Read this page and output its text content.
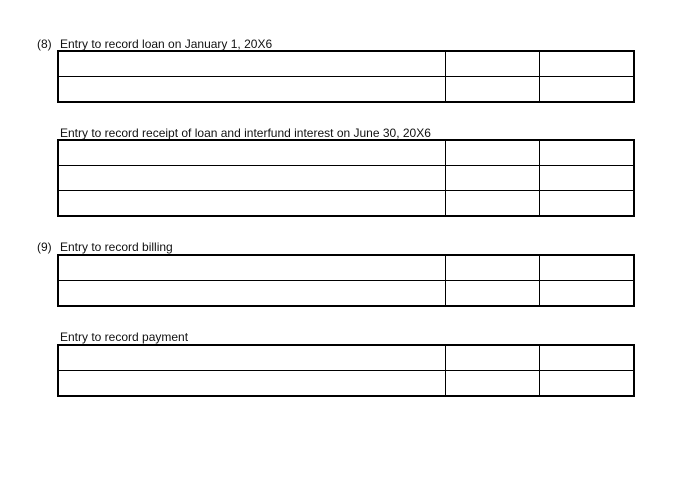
(8) Entry to record loan on January 1, 20X6

Entry to record receipt of loan and interfund interest on June 30, 20X6

(9) Entry to record billing

Entry to record payment
